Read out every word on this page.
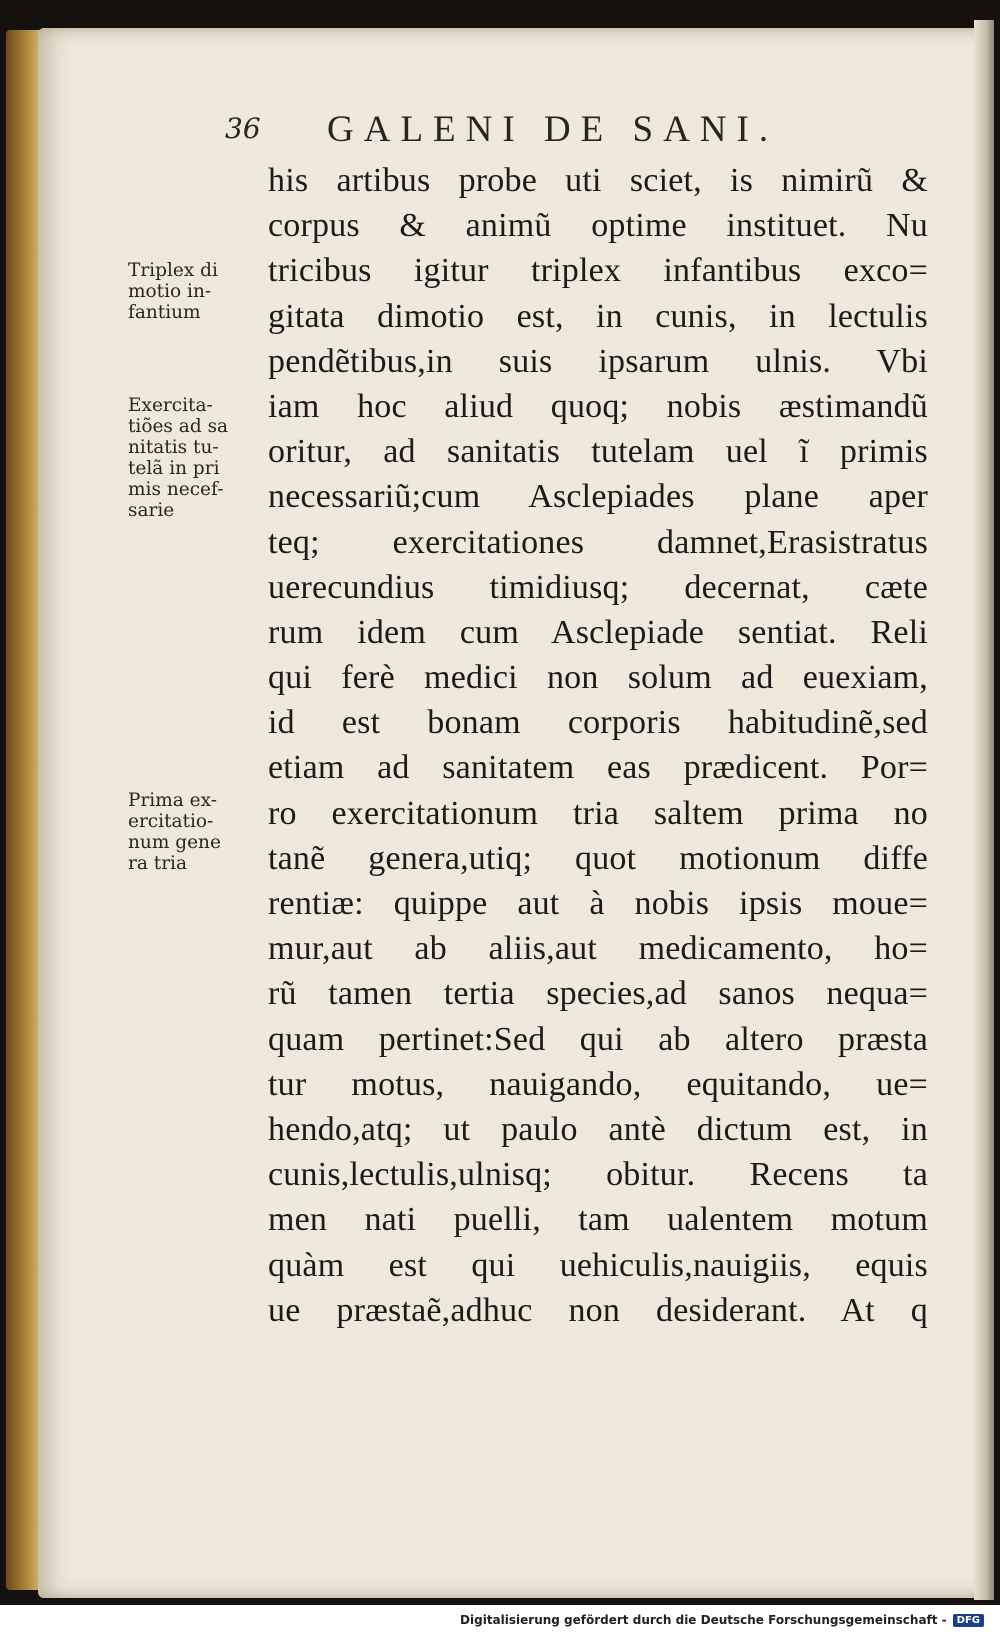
36 GALENI DE SANI.
Triplex di
motio in-
fantium
Exercita-
tiões ad sa
nitatis tu-
telã in pri
mis necef-
sarie
Prima ex-
ercitatio-
num gene
ra tria
his artibus probe uti sciet, is nimirũ &
corpus & animũ optime instituet. Nu
tricibus igitur triplex infantibus exco=
gitata dimotio est, in cunis, in lectulis
pendẽtibus,in suis ipsarum ulnis. Vbi
iam hoc aliud quoq; nobis æstimandũ
oritur, ad sanitatis tutelam uel ĩ primis
necessariũ;cum Asclepiades plane aper
teq; exercitationes damnet,Erasistratus
uerecundius timidiusq; decernat, cæte
rum idem cum Asclepiade sentiat. Reli
qui ferè medici non solum ad euexiam,
id est bonam corporis habitudinẽ,sed
etiam ad sanitatem eas prædicent. Por=
ro exercitationum tria saltem prima no
tanẽ genera,utiq; quot motionum diffe
rentiæ: quippe aut à nobis ipsis moue=
mur,aut ab aliis,aut medicamento, ho=
rũ tamen tertia species,ad sanos nequa=
quam pertinet:Sed qui ab altero præsta
tur motus, nauigando, equitando, ue=
hendo,atq; ut paulo antè dictum est, in
cunis,lectulis,ulnisq; obitur. Recens ta
men nati puelli, tam ualentem motum
quàm est qui uehiculis,nauigiis, equis
ue præstaẽ,adhuc non desiderant. At q
Digitalisierung gefördert durch die Deutsche Forschungsgemeinschaft -	DFG
